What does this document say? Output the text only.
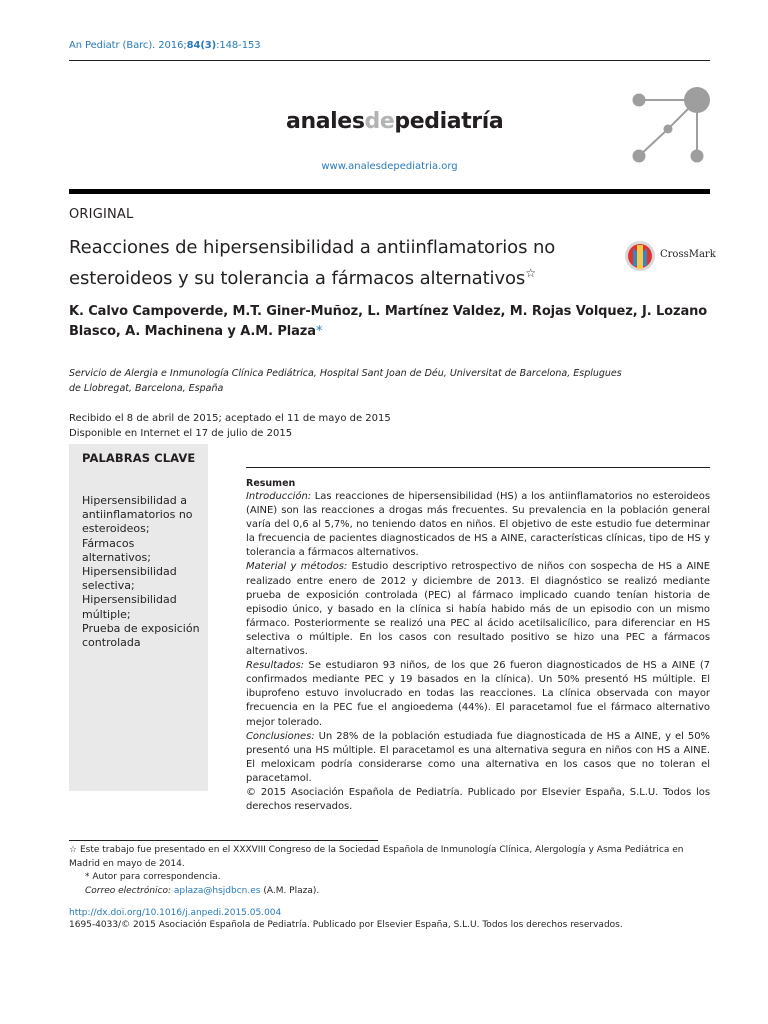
An Pediatr (Barc). 2016;84(3):148-153
analesdepediatría
www.analesdepediatria.org
ORIGINAL
Reacciones de hipersensibilidad a antiinflamatorios no esteroideos y su tolerancia a fármacos alternativos☆
CrossMark
K. Calvo Campoverde, M.T. Giner-Muñoz, L. Martínez Valdez, M. Rojas Volquez, J. Lozano Blasco, A. Machinena y A.M. Plaza*
Servicio de Alergia e Inmunología Clínica Pediátrica, Hospital Sant Joan de Déu, Universitat de Barcelona, Esplugues de Llobregat, Barcelona, España
Recibido el 8 de abril de 2015; aceptado el 11 de mayo de 2015
Disponible en Internet el 17 de julio de 2015
PALABRAS CLAVE
Hipersensibilidad a antiinflamatorios no esteroideos;
Fármacos alternativos;
Hipersensibilidad selectiva;
Hipersensibilidad múltiple;
Prueba de exposición controlada
Resumen

Introducción: Las reacciones de hipersensibilidad (HS) a los antiinflamatorios no esteroideos (AINE) son las reacciones a drogas más frecuentes. Su prevalencia en la población general varía del 0,6 al 5,7%, no teniendo datos en niños. El objetivo de este estudio fue determinar la frecuencia de pacientes diagnosticados de HS a AINE, características clínicas, tipo de HS y tolerancia a fármacos alternativos.

Material y métodos: Estudio descriptivo retrospectivo de niños con sospecha de HS a AINE realizado entre enero de 2012 y diciembre de 2013. El diagnóstico se realizó mediante prueba de exposición controlada (PEC) al fármaco implicado cuando tenían historia de episodio único, y basado en la clínica si había habido más de un episodio con un mismo fármaco. Posteriormente se realizó una PEC al ácido acetilsalicílico, para diferenciar en HS selectiva o múltiple. En los casos con resultado positivo se hizo una PEC a fármacos alternativos.

Resultados: Se estudiaron 93 niños, de los que 26 fueron diagnosticados de HS a AINE (7 confirmados mediante PEC y 19 basados en la clínica). Un 50% presentó HS múltiple. El ibuprofeno estuvo involucrado en todas las reacciones. La clínica observada con mayor frecuencia en la PEC fue el angioedema (44%). El paracetamol fue el fármaco alternativo mejor tolerado.

Conclusiones: Un 28% de la población estudiada fue diagnosticada de HS a AINE, y el 50% presentó una HS múltiple. El paracetamol es una alternativa segura en niños con HS a AINE. El meloxicam podría considerarse como una alternativa en los casos que no toleran el paracetamol.

© 2015 Asociación Española de Pediatría. Publicado por Elsevier España, S.L.U. Todos los derechos reservados.

☆ Este trabajo fue presentado en el XXXVIII Congreso de la Sociedad Española de Inmunología Clínica, Alergología y Asma Pediátrica en Madrid en mayo de 2014.

* Autor para correspondencia.

Correo electrónico: aplaza@hsjdbcn.es (A.M. Plaza).

http://dx.doi.org/10.1016/j.anpedi.2015.05.004
1695-4033/© 2015 Asociación Española de Pediatría. Publicado por Elsevier España, S.L.U. Todos los derechos reservados.
